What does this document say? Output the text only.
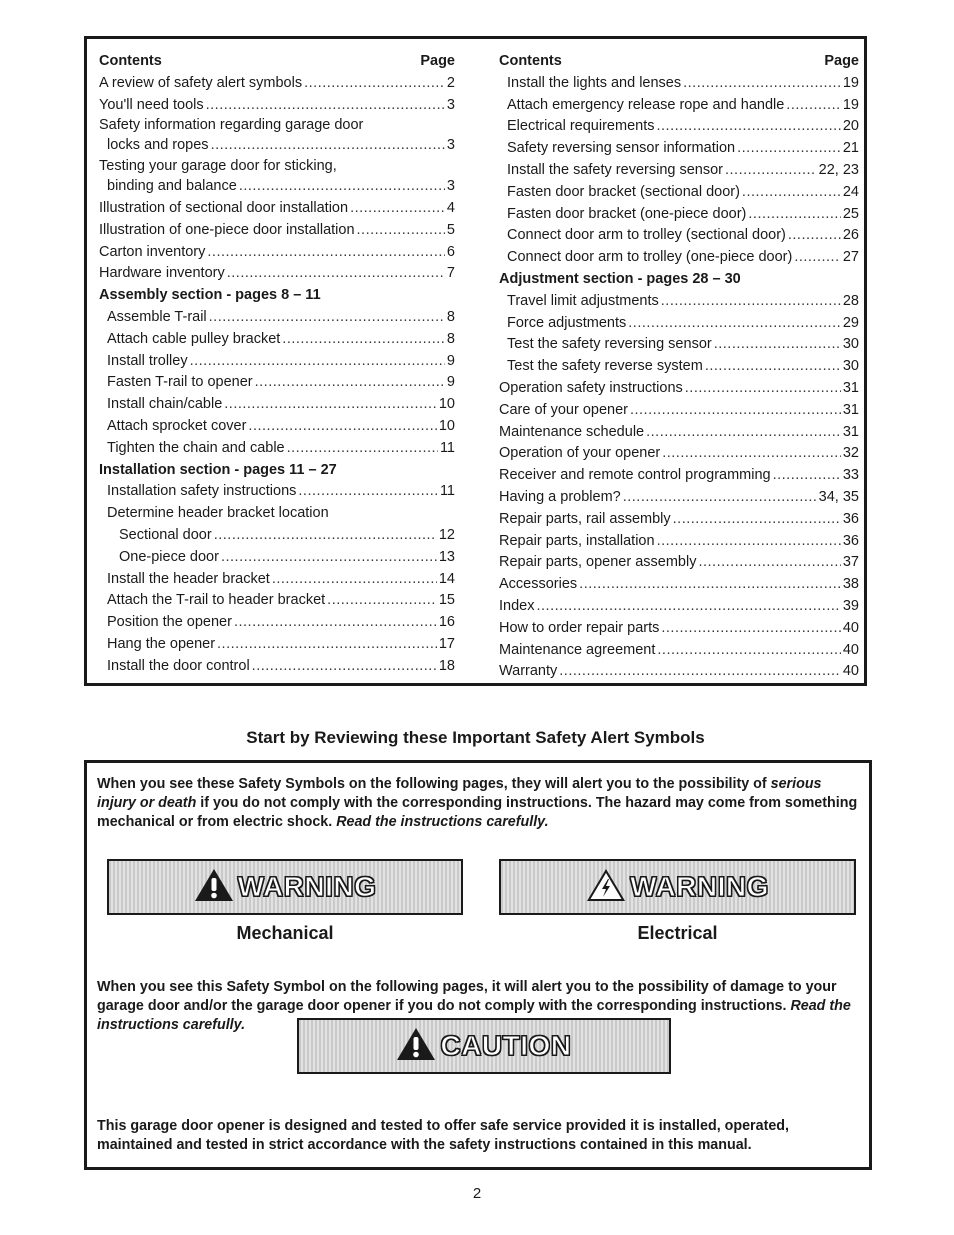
Contents	Page
A review of safety alert symbols .....	2
You'll need tools .....	3
Safety information regarding garage door
locks and ropes .....	3
Testing your garage door for sticking,
binding and balance .....	3
Illustration of sectional door installation .....	4
Illustration of one-piece door installation .....	5
Carton inventory .....	6
Hardware inventory .....	7
Assembly section - pages 8 – 11
Assemble T-rail .....	8
Attach cable pulley bracket .....	8
Install trolley .....	9
Fasten T-rail to opener .....	9
Install chain/cable .....	10
Attach sprocket cover .....	10
Tighten the chain and cable .....	11
Installation section - pages 11 – 27
Installation safety instructions .....	11
Determine header bracket location
Sectional door .....	12
One-piece door .....	13
Install the header bracket .....	14
Attach the T-rail to header bracket .....	15
Position the opener .....	16
Hang the opener .....	17
Install the door control .....	18
Contents	Page
Install the lights and lenses .....	19
Attach emergency release rope and handle .....	19
Electrical requirements .....	20
Safety reversing sensor information .....	21
Install the safety reversing sensor .....	22, 23
Fasten door bracket (sectional door) .....	24
Fasten door bracket (one-piece door) .....	25
Connect door arm to trolley (sectional door) .....	26
Connect door arm to trolley (one-piece door) .....	27
Adjustment section - pages 28 – 30
Travel limit adjustments .....	28
Force adjustments .....	29
Test the safety reversing sensor .....	30
Test the safety reverse system .....	30
Operation safety instructions .....	31
Care of your opener .....	31
Maintenance schedule .....	31
Operation of your opener .....	32
Receiver and remote control programming .....	33
Having a problem? .....	34, 35
Repair parts, rail assembly .....	36
Repair parts, installation .....	36
Repair parts, opener assembly .....	37
Accessories .....	38
Index .....	39
How to order repair parts .....	40
Maintenance agreement .....	40
Warranty .....	40
Start by Reviewing these Important Safety Alert Symbols
When you see these Safety Symbols on the following pages, they will alert you to the possibility of serious injury or death if you do not comply with the corresponding instructions. The hazard may come from something mechanical or from electric shock. Read the instructions carefully.
WARNING
Mechanical
WARNING
Electrical
When you see this Safety Symbol on the following pages, it will alert you to the possibility of damage to your garage door and/or the garage door opener if you do not comply with the corresponding instructions. Read the instructions carefully.
CAUTION
This garage door opener is designed and tested to offer safe service provided it is installed, operated, maintained and tested in strict accordance with the safety instructions contained in this manual.
2
